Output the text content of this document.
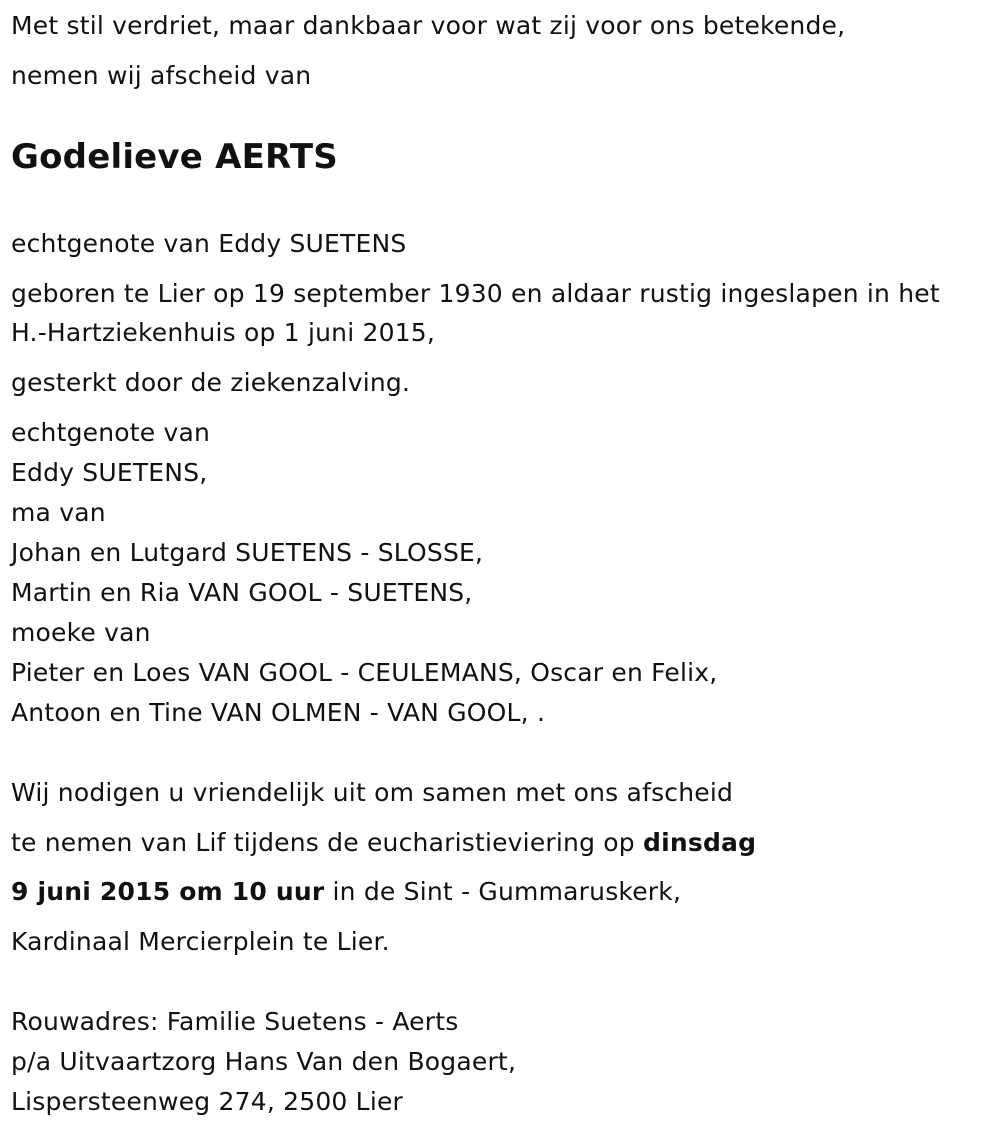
Met stil verdriet, maar dankbaar voor wat zij voor ons betekende,
nemen wij afscheid van
Godelieve AERTS
echtgenote van Eddy SUETENS
geboren te Lier op 19 september 1930 en aldaar rustig ingeslapen in het
H.-Hartziekenhuis op 1 juni 2015,
gesterkt door de ziekenzalving.
echtgenote van
Eddy SUETENS,
ma van
Johan en Lutgard SUETENS - SLOSSE,
Martin en Ria VAN GOOL - SUETENS,
moeke van
Pieter en Loes VAN GOOL - CEULEMANS, Oscar en Felix,
Antoon en Tine VAN OLMEN - VAN GOOL, .
Wij nodigen u vriendelijk uit om samen met ons afscheid
te nemen van Lif tijdens de eucharistieviering op dinsdag
9 juni 2015 om 10 uur in de Sint - Gummaruskerk,
Kardinaal Mercierplein te Lier.
Rouwadres: Familie Suetens - Aerts
p/a Uitvaartzorg Hans Van den Bogaert,
Lispersteenweg 274, 2500 Lier
